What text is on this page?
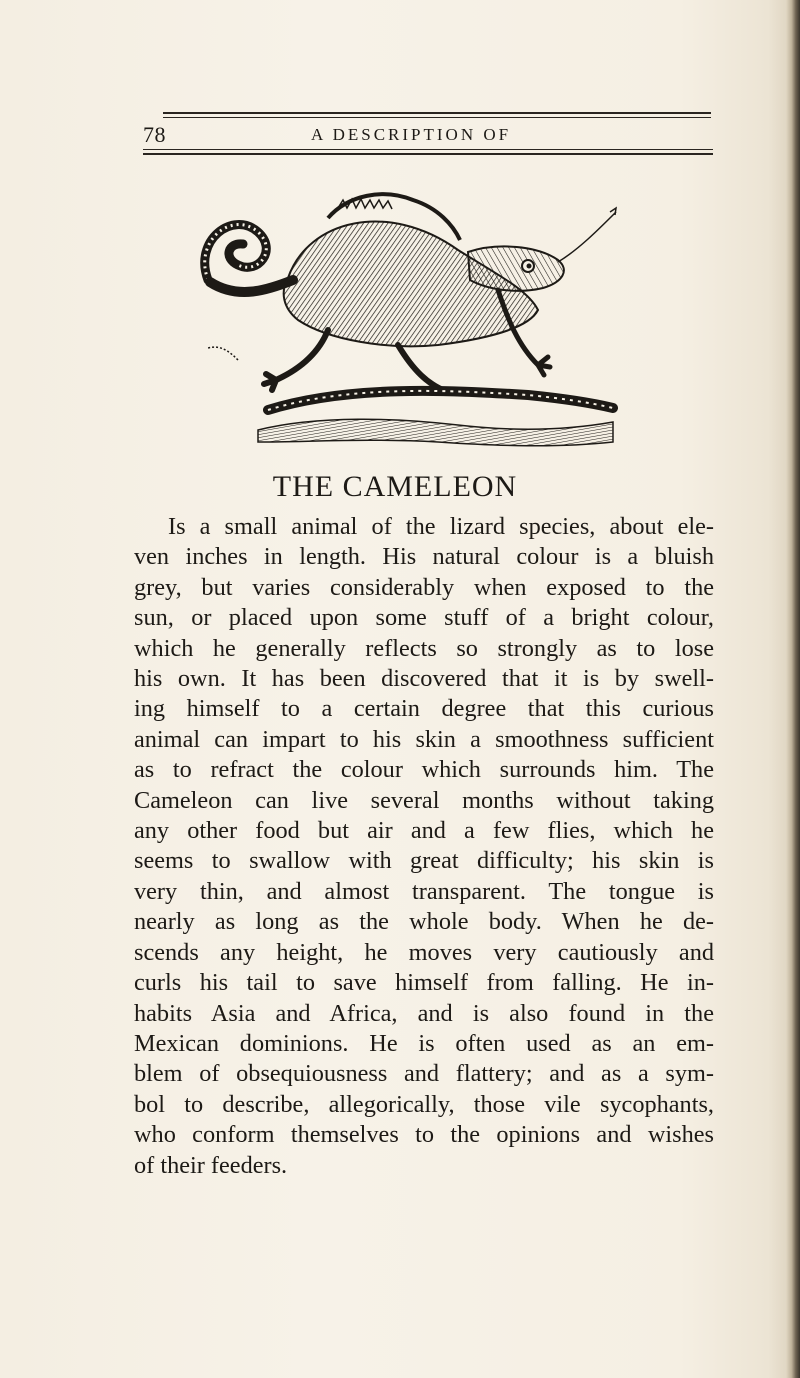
78	A DESCRIPTION OF
THE CAMELEON
Is a small animal of the lizard species, about ele-
ven inches in length. His natural colour is a bluish
grey, but varies considerably when exposed to the
sun, or placed upon some stuff of a bright colour,
which he generally reflects so strongly as to lose
his own. It has been discovered that it is by swell-
ing himself to a certain degree that this curious
animal can impart to his skin a smoothness sufficient
as to refract the colour which surrounds him. The
Cameleon can live several months without taking
any other food but air and a few flies, which he
seems to swallow with great difficulty; his skin is
very thin, and almost transparent. The tongue is
nearly as long as the whole body. When he de-
scends any height, he moves very cautiously and
curls his tail to save himself from falling. He in-
habits Asia and Africa, and is also found in the
Mexican dominions. He is often used as an em-
blem of obsequiousness and flattery; and as a sym-
bol to describe, allegorically, those vile sycophants,
who conform themselves to the opinions and wishes
of their feeders.
